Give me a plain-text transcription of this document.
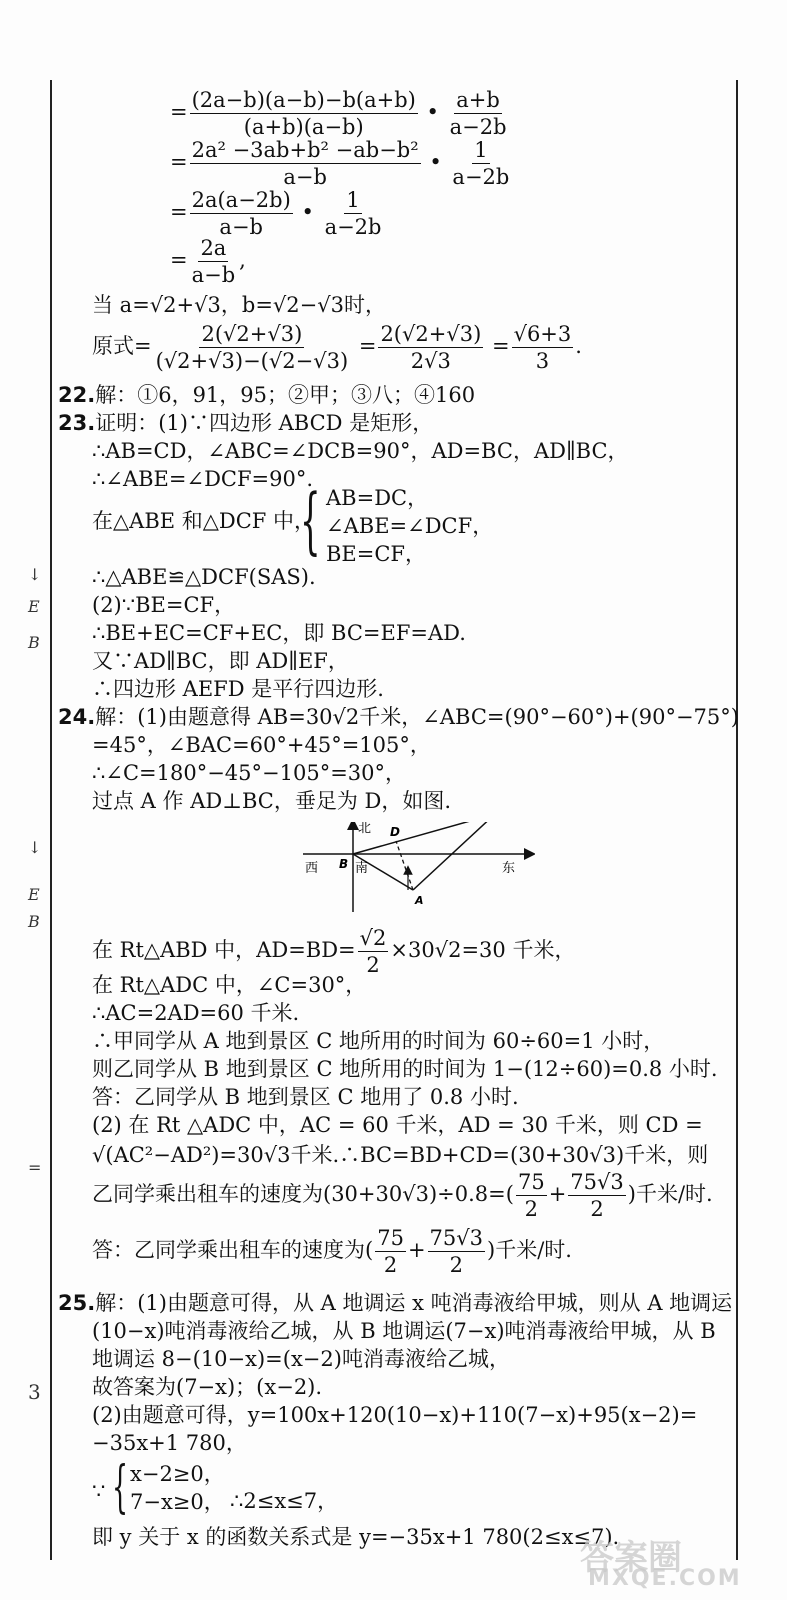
↓
E
B
↓
E
B
=
3
= $\frac{(2a-b)(a-b)-b(a+b)}{(a+b)(a-b)}$ • $\frac{a+b}{a-2b}$
= $\frac{\text{2a² −3ab+b² −ab−b²}}{a-b}$ • $\frac{1}{a-2b}$
= $\frac{2a(a-2b)}{a-b}$ • $\frac{1}{a-2b}$
= $\frac{2a}{a-b}$ ,
当 a=√2+√3，b=√2−√3时，
原式= $\frac{2(√2+√3)}{(√2+√3)-(√2-√3)} = \frac{2(√2+√3)}{2√3} = \frac{√6+3}{3}$ .
22.解：①6，91，95；②甲；③八；④160
23.证明：(1)∵四边形 ABCD 是矩形，
∴AB=CD，∠ABC=∠DCB=90°，AD=BC，AD∥BC，
∴∠ABE=∠DCF=90°.
在△ABE 和△DCF 中，
{ AB=DC，
∠ABE=∠DCF，
BE=CF，
∴△ABE≌△DCF(SAS).
(2)∵BE=CF，
∴BE+EC=CF+EC，即 BC=EF=AD.
又∵AD∥BC，即 AD∥EF，
∴四边形 AEFD 是平行四边形.
24.解：(1)由题意得 AB=30√2千米，∠ABC=(90°−60°)+(90°−75°)
=45°，∠BAC=60°+45°=105°，
∴∠C=180°−45°−105°=30°，
过点 A 作 AD⊥BC，垂足为 D，如图.
北
南
西	东
B
D
A
在 Rt△ABD 中，$AD=BD= \frac{√2}{2} \times 30√2=30$ 千米，
在 Rt△ADC 中，∠C=30°，
∴AC=2AD=60 千米.
∴甲同学从 A 地到景区 C 地所用的时间为 60÷60=1 小时，
则乙同学从 B 地到景区 C 地所用的时间为 1−(12÷60)=0.8 小时.
答：乙同学从 B 地到景区 C 地用了 0.8 小时.
(2) 在 Rt △ADC 中，AC = 60 千米，AD = 30 千米，则 CD =
√(AC²−AD²)=30√3千米.∴BC=BD+CD=(30+30√3)千米，则
乙同学乘出租车的速度为$(30+30√3)\div 0.8=( \frac{75}{2} + \frac{75√3}{2}$ )千米/时.
答：乙同学乘出租车的速度为( $\frac{75}{2} + \frac{75√3}{2}$ )千米/时.
25.解：(1)由题意可得，从 A 地调运 x 吨消毒液给甲城，则从 A 地调运
(10−x)吨消毒液给乙城，从 B 地调运(7−x)吨消毒液给甲城，从 B
地调运 8−(10−x)=(x−2)吨消毒液给乙城，
故答案为(7−x)；(x−2).
(2)由题意可得，y=100x+120(10−x)+110(7−x)+95(x−2)=
−35x+1 780，
∵ { x−2≥0，
7−x≥0， ∴2≤x≤7，
即 y 关于 x 的函数关系式是 y=−35x+1 780(2≤x≤7).
答案圈
MXQE.COM
